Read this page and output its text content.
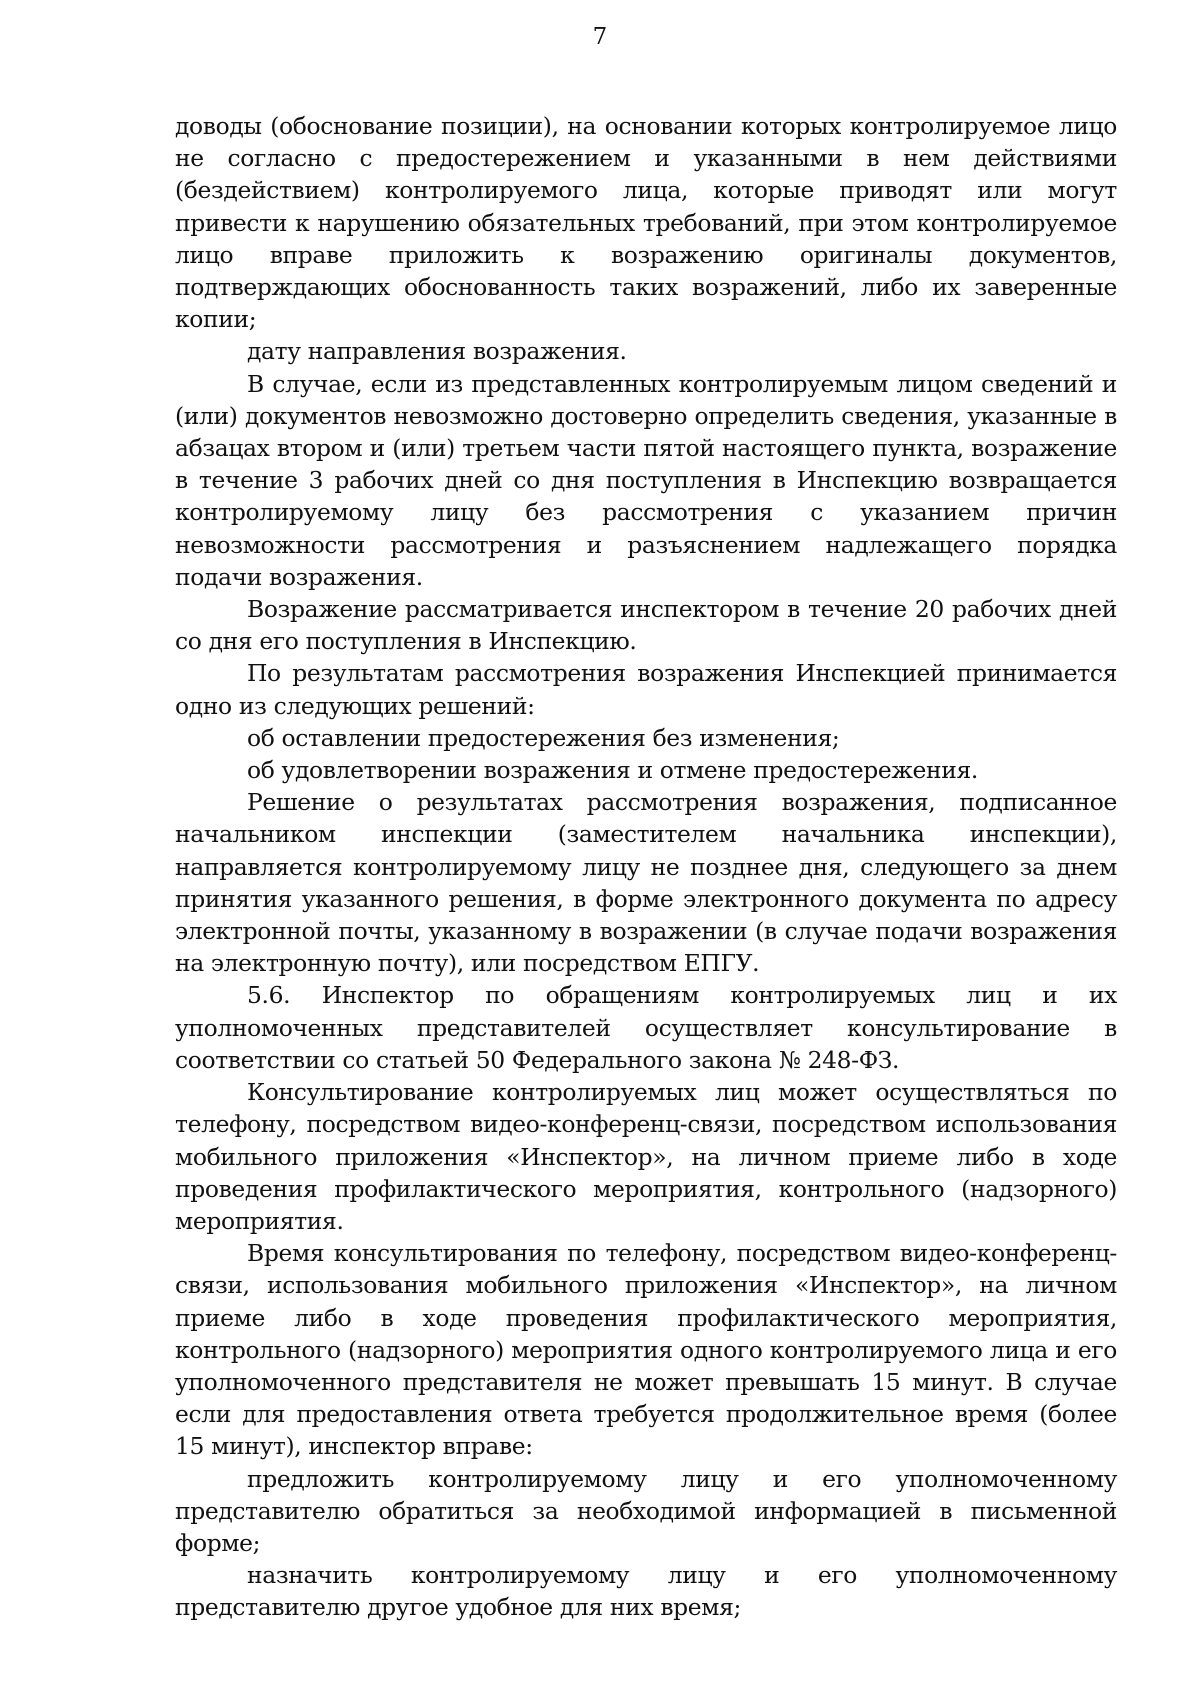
7

доводы (обоснование позиции), на основании которых контролируемое лицо не согласно с предостережением и указанными в нем действиями (бездействием) контролируемого лица, которые приводят или могут привести к нарушению обязательных требований, при этом контролируемое лицо вправе приложить к возражению оригиналы документов, подтверждающих обоснованность таких возражений, либо их заверенные копии;

дату направления возражения.

В случае, если из представленных контролируемым лицом сведений и (или) документов невозможно достоверно определить сведения, указанные в абзацах втором и (или) третьем части пятой настоящего пункта, возражение в течение 3 рабочих дней со дня поступления в Инспекцию возвращается контролируемому лицу без рассмотрения с указанием причин невозможности рассмотрения и разъяснением надлежащего порядка подачи возражения.

Возражение рассматривается инспектором в течение 20 рабочих дней со дня его поступления в Инспекцию.

По результатам рассмотрения возражения Инспекцией принимается одно из следующих решений:

об оставлении предостережения без изменения;

об удовлетворении возражения и отмене предостережения.

Решение о результатах рассмотрения возражения, подписанное начальником инспекции (заместителем начальника инспекции), направляется контролируемому лицу не позднее дня, следующего за днем принятия указанного решения, в форме электронного документа по адресу электронной почты, указанному в возражении (в случае подачи возражения на электронную почту), или посредством ЕПГУ.

5.6. Инспектор по обращениям контролируемых лиц и их уполномоченных представителей осуществляет консультирование в соответствии со статьей 50 Федерального закона № 248-ФЗ.

Консультирование контролируемых лиц может осуществляться по телефону, посредством видео-конференц-связи, посредством использования мобильного приложения «Инспектор», на личном приеме либо в ходе проведения профилактического мероприятия, контрольного (надзорного) мероприятия.

Время консультирования по телефону, посредством видео-конференц-связи, использования мобильного приложения «Инспектор», на личном приеме либо в ходе проведения профилактического мероприятия, контрольного (надзорного) мероприятия одного контролируемого лица и его уполномоченного представителя не может превышать 15 минут. В случае если для предоставления ответа требуется продолжительное время (более 15 минут), инспектор вправе:

предложить контролируемому лицу и его уполномоченному представителю обратиться за необходимой информацией в письменной форме;

назначить контролируемому лицу и его уполномоченному представителю другое удобное для них время;
